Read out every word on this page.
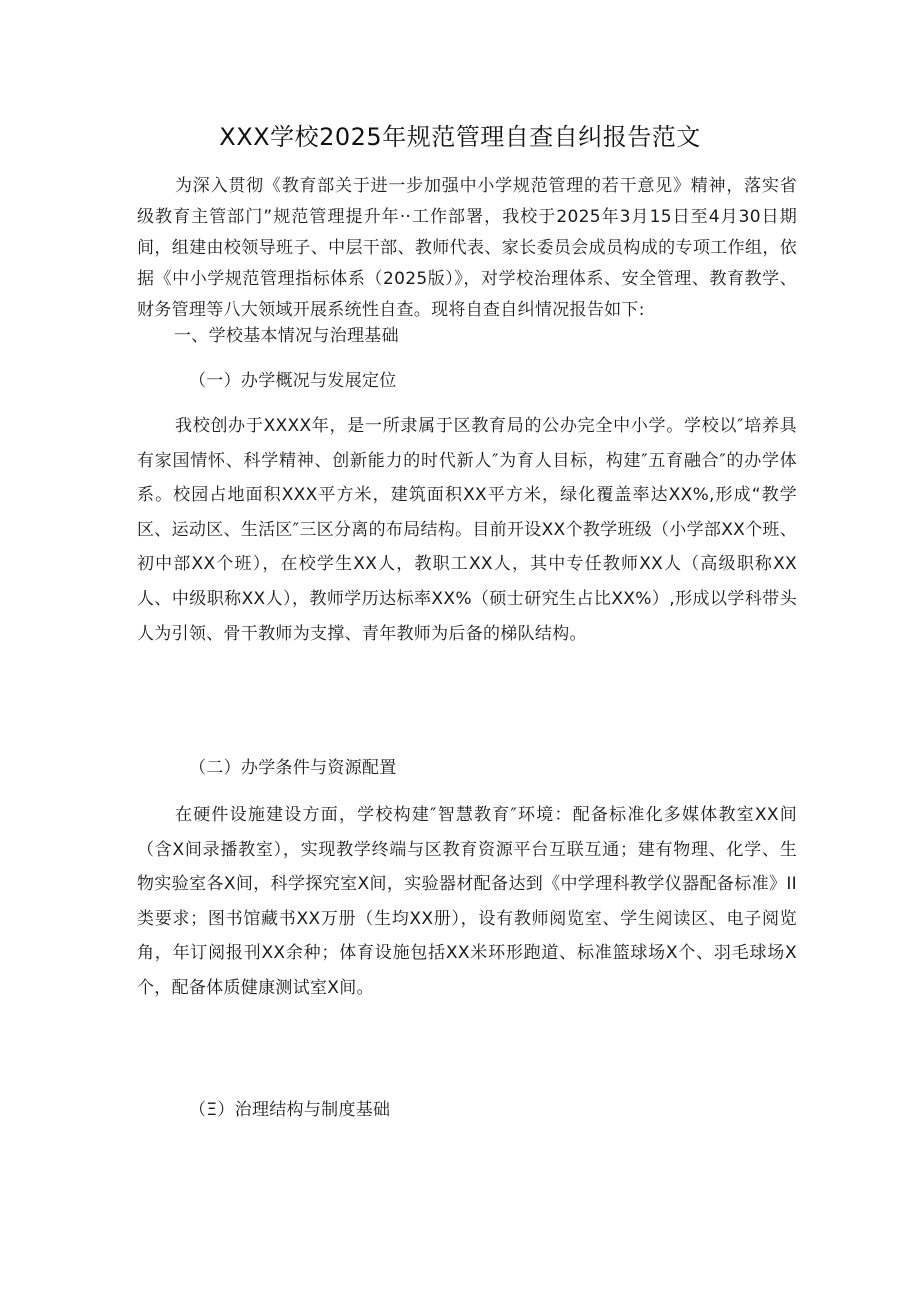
XXX学校2025年规范管理自查自纠报告范文
为深入贯彻《教育部关于进一步加强中小学规范管理的若干意见》精神，落实省级教育主管部门”规范管理提升年··工作部署，我校于2025年3月15日至4月30日期间，组建由校领导班子、中层干部、教师代表、家长委员会成员构成的专项工作组，依据《中小学规范管理指标体系（2025版）》，对学校治理体系、安全管理、教育教学、财务管理等八大领域开展系统性自查。现将自查自纠情况报告如下:
一、学校基本情况与治理基础
（一）办学概况与发展定位
我校创办于XXXX年，是一所隶属于区教育局的公办完全中小学。学校以″培养具有家国情怀、科学精神、创新能力的时代新人″为育人目标，构建″五育融合″的办学体系。校园占地面积XXX平方米，建筑面积XX平方米，绿化覆盖率达XX%,形成“教学区、运动区、生活区″三区分离的布局结构。目前开设XX个教学班级（小学部XX个班、初中部XX个班），在校学生XX人，教职工XX人，其中专任教师XX人（高级职称XX人、中级职称XX人），教师学历达标率XX%（硕士研究生占比XX%）,形成以学科带头人为引领、骨干教师为支撑、青年教师为后备的梯队结构。
（二）办学条件与资源配置
在硬件设施建设方面，学校构建″智慧教育″环境：配备标准化多媒体教室XX间（含X间录播教室），实现教学终端与区教育资源平台互联互通；建有物理、化学、生物实验室各X间，科学探究室X间，实验器材配备达到《中学理科教学仪器配备标准》II类要求；图书馆藏书XX万册（生均XX册），设有教师阅览室、学生阅读区、电子阅览角，年订阅报刊XX余种；体育设施包括XX米环形跑道、标准篮球场X个、羽毛球场X个，配备体质健康测试室X间。
（Ξ）治理结构与制度基础
